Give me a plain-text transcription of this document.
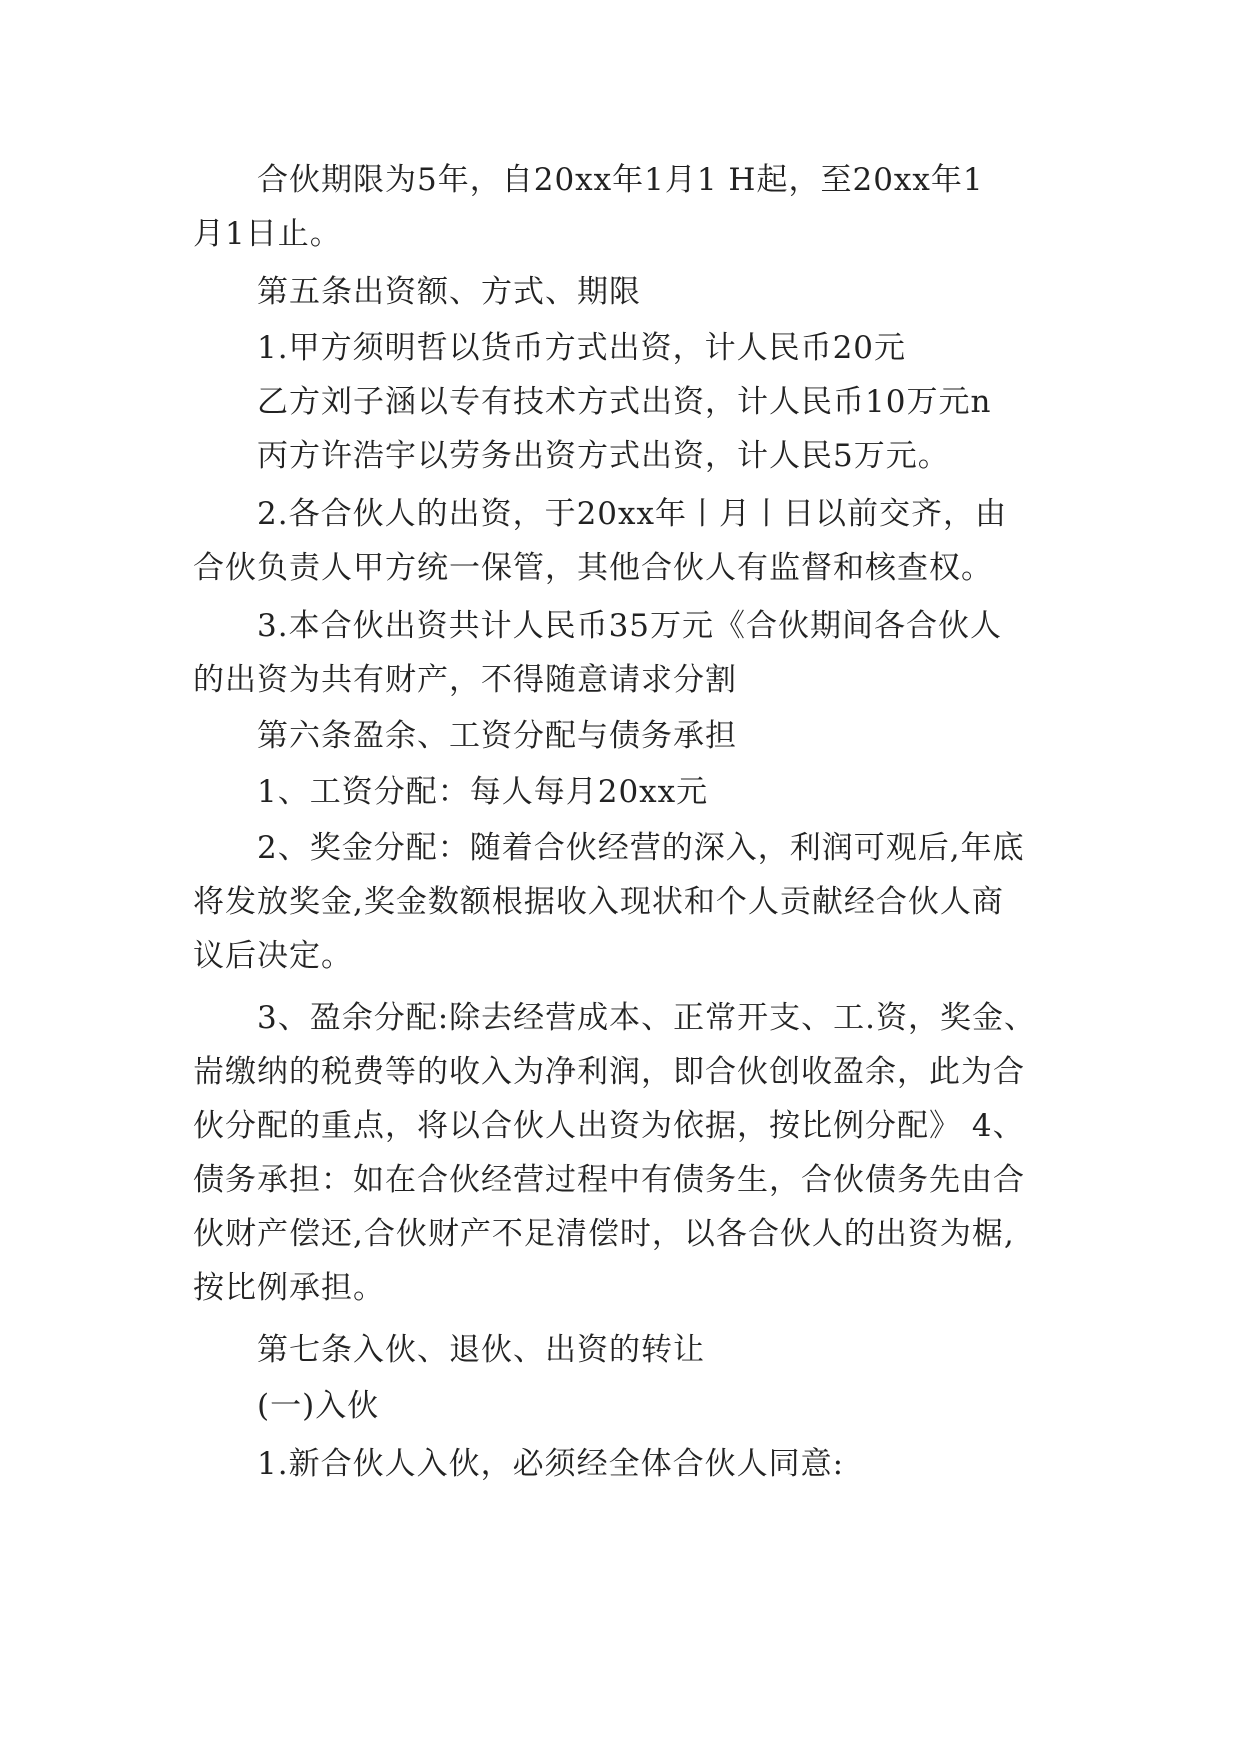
合伙期限为5年，自20xx年1月1 H起，至20xx年1
月1日止。
第五条出资额、方式、期限
1.甲方须明哲以货币方式出资，计人民币20元
乙方刘子涵以专有技术方式出资，计人民币10万元n
丙方许浩宇以劳务出资方式出资，计人民5万元。
2.各合伙人的出资，于20xx年丨月丨日以前交齐，由
合伙负责人甲方统一保管，其他合伙人有监督和核查权。
3.本合伙出资共计人民币35万元《合伙期间各合伙人
的出资为共有财产，不得随意请求分割
第六条盈余、工资分配与债务承担
1、工资分配：每人每月20xx元
2、奖金分配：随着合伙经营的深入，利润可观后,年底
将发放奖金,奖金数额根据收入现状和个人贡献经合伙人商
议后决定。
3、盈余分配:除去经营成本、正常开支、工.资，奖金、
耑缴纳的税费等的收入为净利润，即合伙创收盈余，此为合
伙分配的重点，将以合伙人出资为依据，按比例分配》 4、
债务承担：如在合伙经营过程中有债务生，合伙债务先由合
伙财产偿还,合伙财产不足清偿时，以各合伙人的出资为椐,
按比例承担。
第七条入伙、退伙、出资的转让
(一)入伙
1.新合伙人入伙，必须经全体合伙人同意:
